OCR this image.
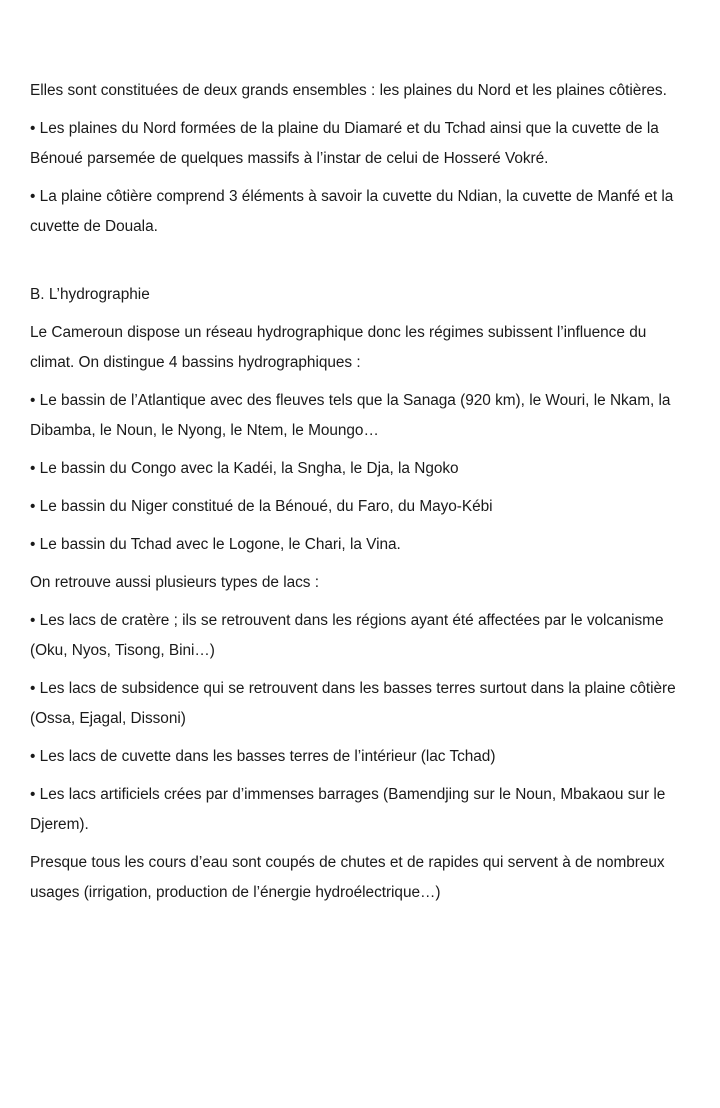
Elles sont constituées de deux grands ensembles : les plaines du Nord et les plaines côtières.

• Les plaines du Nord formées de la plaine du Diamaré et du Tchad ainsi que la cuvette de la Bénoué parsemée de quelques massifs à l’instar de celui de Hosseré Vokré.

• La plaine côtière comprend 3 éléments à savoir la cuvette du Ndian, la cuvette de Manfé et la cuvette de Douala.

B. L’hydrographie

Le Cameroun dispose un réseau hydrographique donc les régimes subissent l’influence du climat. On distingue 4 bassins hydrographiques :

• Le bassin de l’Atlantique avec des fleuves tels que la Sanaga (920 km), le Wouri, le Nkam, la Dibamba, le Noun, le Nyong, le Ntem, le Moungo…

• Le bassin du Congo avec la Kadéi, la Sngha, le Dja, la Ngoko

• Le bassin du Niger constitué de la Bénoué, du Faro, du Mayo-Kébi

• Le bassin du Tchad avec le Logone, le Chari, la Vina.

On retrouve aussi plusieurs types de lacs :

• Les lacs de cratère ; ils se retrouvent dans les régions ayant été affectées par le volcanisme (Oku, Nyos, Tisong, Bini…)

• Les lacs de subsidence qui se retrouvent dans les basses terres surtout dans la plaine côtière (Ossa, Ejagal, Dissoni)

• Les lacs de cuvette dans les basses terres de l’intérieur (lac Tchad)

• Les lacs artificiels crées par d’immenses barrages (Bamendjing sur le Noun, Mbakaou sur le Djerem).

Presque tous les cours d’eau sont coupés de chutes et de rapides qui servent à de nombreux usages (irrigation, production de l’énergie hydroélectrique…)
